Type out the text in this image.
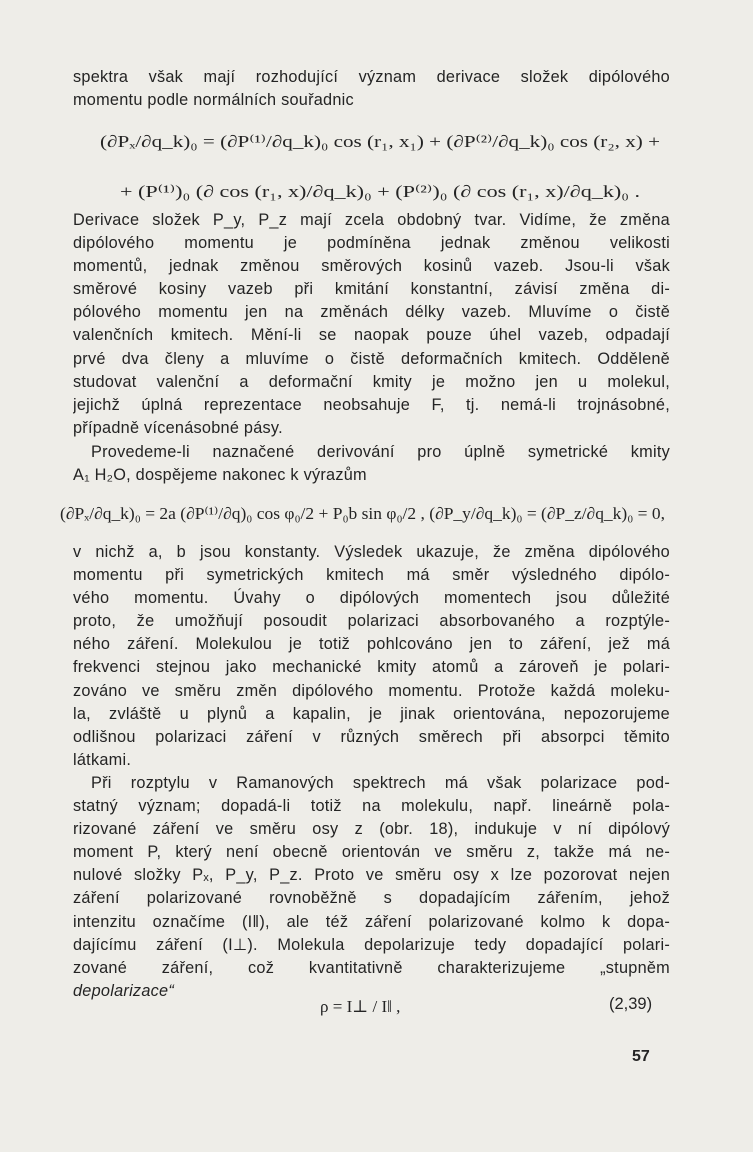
spektra však mají rozhodující význam derivace složek dipólového
momentu podle normálních souřadnic
(∂Pₓ/∂q_k)₀ = (∂P⁽¹⁾/∂q_k)₀ cos (r₁, x₁) + (∂P⁽²⁾/∂q_k)₀ cos (r₂, x) +
+ (P⁽¹⁾)₀ (∂ cos (r₁, x)/∂q_k)₀ + (P⁽²⁾)₀ (∂ cos (r₁, x)/∂q_k)₀ .
Derivace složek P_y, P_z mají zcela obdobný tvar. Vidíme, že změna
dipólového momentu je podmíněna jednak změnou velikosti
momentů, jednak změnou směrových kosinů vazeb. Jsou-li však
směrové kosiny vazeb při kmitání konstantní, závisí změna di-
pólového momentu jen na změnách délky vazeb. Mluvíme o čistě
valenčních kmitech. Mění-li se naopak pouze úhel vazeb, odpadají
prvé dva členy a mluvíme o čistě deformačních kmitech. Odděleně
studovat valenční a deformační kmity je možno jen u molekul,
jejichž úplná reprezentace neobsahuje F, tj. nemá-li trojnásobné,
případně vícenásobné pásy.
Provedeme-li naznačené derivování pro úplně symetrické kmity
A₁ H₂O, dospějeme nakonec k výrazům
(∂Pₓ/∂q_k)₀ = 2a (∂P⁽¹⁾/∂q)₀ cos φ₀/2 + P₀b sin φ₀/2 , (∂P_y/∂q_k)₀ = (∂P_z/∂q_k)₀ = 0,
v nichž a, b jsou konstanty. Výsledek ukazuje, že změna dipólového
momentu při symetrických kmitech má směr výsledného dipólo-
vého momentu. Úvahy o dipólových momentech jsou důležité
proto, že umožňují posoudit polarizaci absorbovaného a rozptýle-
ného záření. Molekulou je totiž pohlcováno jen to záření, jež má
frekvenci stejnou jako mechanické kmity atomů a zároveň je polari-
zováno ve směru změn dipólového momentu. Protože každá moleku-
la, zvláště u plynů a kapalin, je jinak orientována, nepozorujeme
odlišnou polarizaci záření v různých směrech při absorpci těmito
látkami.
Při rozptylu v Ramanových spektrech má však polarizace pod-
statný význam; dopadá-li totiž na molekulu, např. lineárně pola-
rizované záření ve směru osy z (obr. 18), indukuje v ní dipólový
moment P, který není obecně orientován ve směru z, takže má ne-
nulové složky Pₓ, P_y, P_z. Proto ve směru osy x lze pozorovat nejen
záření polarizované rovnoběžně s dopadajícím zářením, jehož
intenzitu označíme (I‖), ale též záření polarizované kolmo k dopa-
dajícímu záření (I⊥). Molekula depolarizuje tedy dopadající polari-
zované záření, což kvantitativně charakterizujeme „stupněm
depolarizace“
ρ = I⊥ / I‖ ,	(2,39)
57
